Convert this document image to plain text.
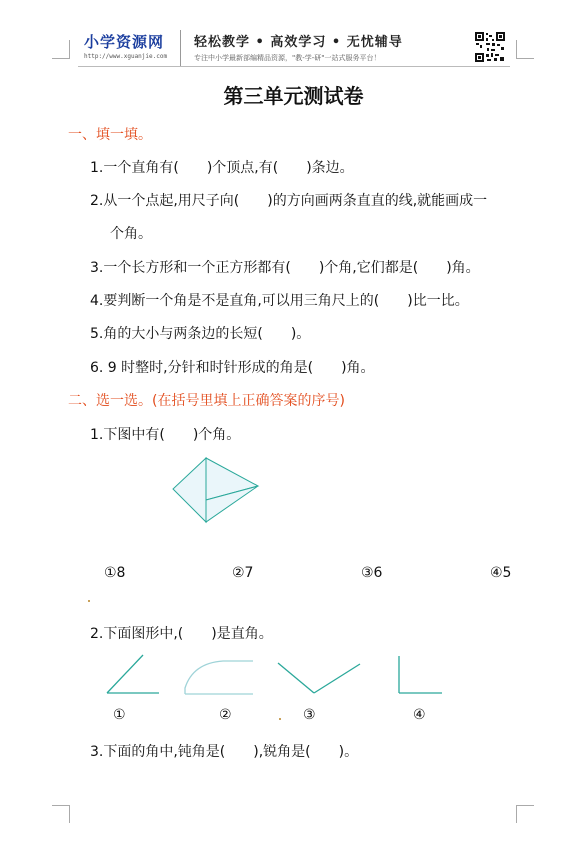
小学资源网
http://www.xguanjie.com
轻松教学 • 高效学习 • 无忧辅导
专注中小学最新部编精品资源，"教-学-研"一站式服务平台！
第三单元测试卷
一、填一填。
1.一个直角有(　　)个顶点,有(　　)条边。
2.从一个点起,用尺子向(　　)的方向画两条直直的线,就能画成一
个角。
3.一个长方形和一个正方形都有(　　)个角,它们都是(　　)角。
4.要判断一个角是不是直角,可以用三角尺上的(　　)比一比。
5.角的大小与两条边的长短(　　)。
6. 9 时整时,分针和时针形成的角是(　　)角。
二、选一选。(在括号里填上正确答案的序号)
1.下图中有(　　)个角。
①8	②7	③6	④5
2.下面图形中,(　　)是直角。
①	②	③	④
3.下面的角中,钝角是(　　),锐角是(　　)。
